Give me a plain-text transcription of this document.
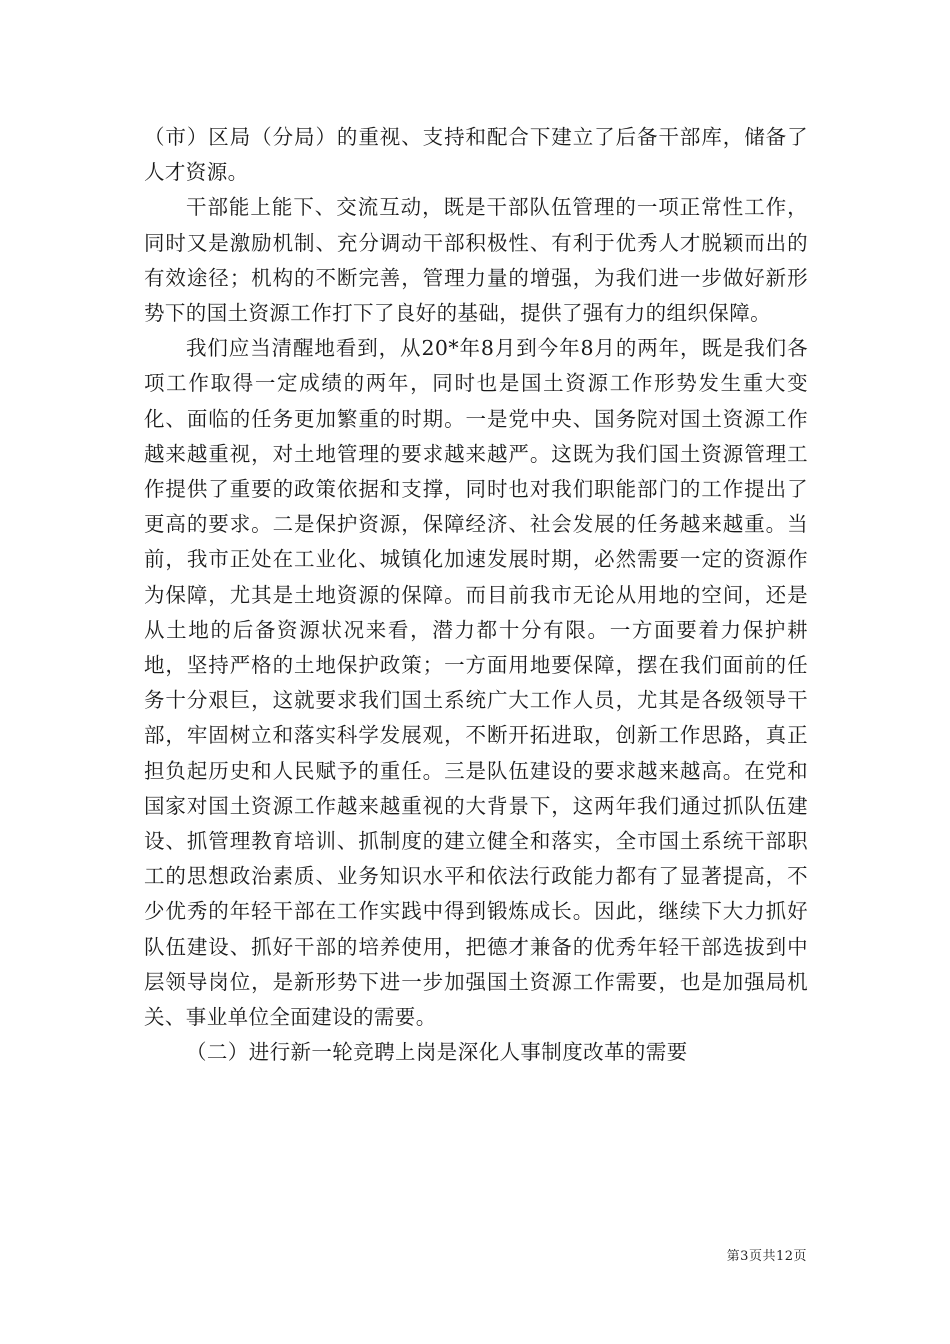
（市）区局（分局）的重视、支持和配合下建立了后备干部库，储备了人才资源。

干部能上能下、交流互动，既是干部队伍管理的一项正常性工作，同时又是激励机制、充分调动干部积极性、有利于优秀人才脱颖而出的有效途径；机构的不断完善，管理力量的增强，为我们进一步做好新形势下的国土资源工作打下了良好的基础，提供了强有力的组织保障。

我们应当清醒地看到，从20*年8月到今年8月的两年，既是我们各项工作取得一定成绩的两年，同时也是国土资源工作形势发生重大变化、面临的任务更加繁重的时期。一是党中央、国务院对国土资源工作越来越重视，对土地管理的要求越来越严。这既为我们国土资源管理工作提供了重要的政策依据和支撑，同时也对我们职能部门的工作提出了更高的要求。二是保护资源，保障经济、社会发展的任务越来越重。当前，我市正处在工业化、城镇化加速发展时期，必然需要一定的资源作为保障，尤其是土地资源的保障。而目前我市无论从用地的空间，还是从土地的后备资源状况来看，潜力都十分有限。一方面要着力保护耕地，坚持严格的土地保护政策；一方面用地要保障，摆在我们面前的任务十分艰巨，这就要求我们国土系统广大工作人员，尤其是各级领导干部，牢固树立和落实科学发展观，不断开拓进取，创新工作思路，真正担负起历史和人民赋予的重任。三是队伍建设的要求越来越高。在党和国家对国土资源工作越来越重视的大背景下，这两年我们通过抓队伍建设、抓管理教育培训、抓制度的建立健全和落实，全市国土系统干部职工的思想政治素质、业务知识水平和依法行政能力都有了显著提高，不少优秀的年轻干部在工作实践中得到锻炼成长。因此，继续下大力抓好队伍建设、抓好干部的培养使用，把德才兼备的优秀年轻干部选拔到中层领导岗位，是新形势下进一步加强国土资源工作需要，也是加强局机关、事业单位全面建设的需要。

（二）进行新一轮竞聘上岗是深化人事制度改革的需要

第3页共12页
